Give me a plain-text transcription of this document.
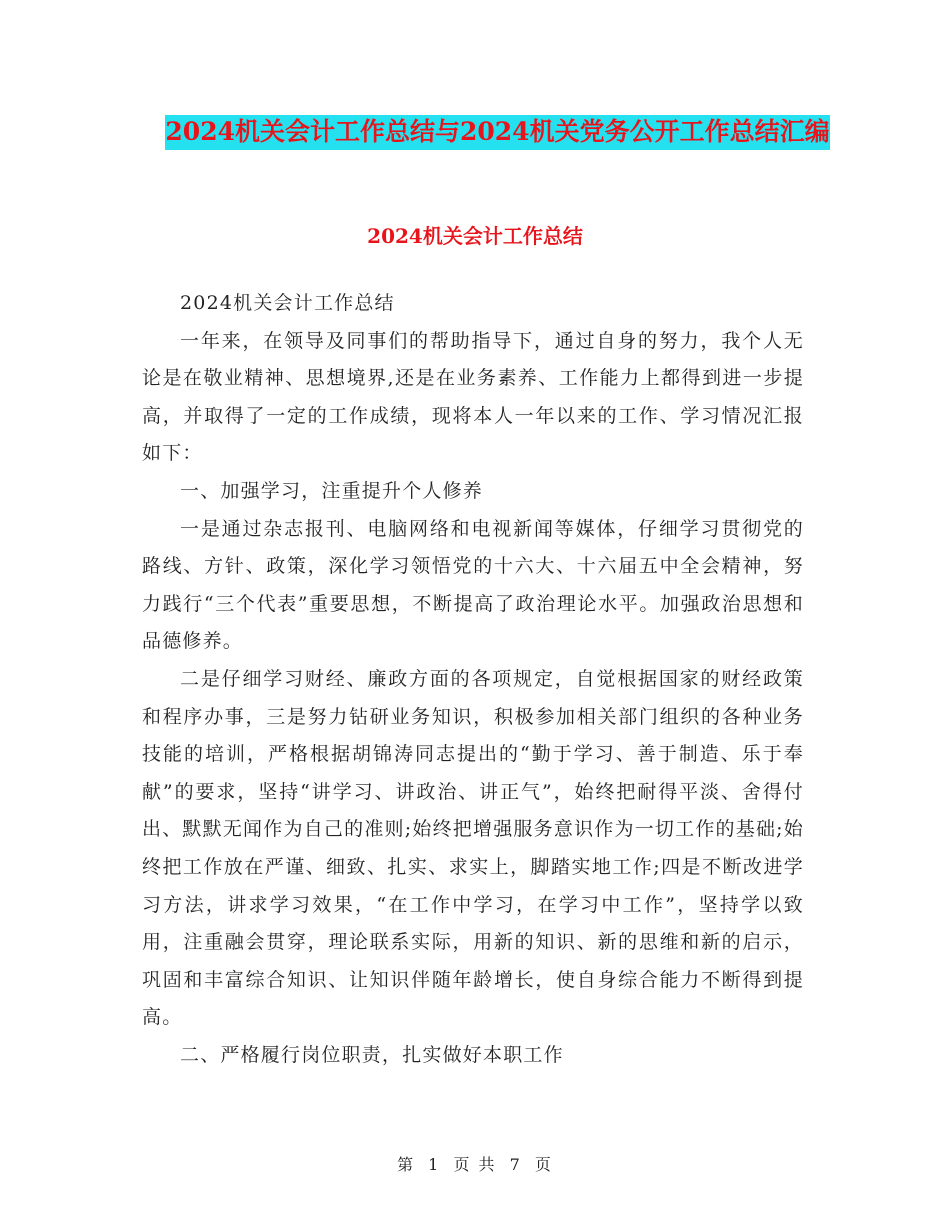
2024机关会计工作总结与2024机关党务公开工作总结汇编
2024机关会计工作总结

2024机关会计工作总结

一年来，在领导及同事们的帮助指导下，通过自身的努力，我个人无论是在敬业精神、思想境界,还是在业务素养、工作能力上都得到进一步提高，并取得了一定的工作成绩，现将本人一年以来的工作、学习情况汇报如下：

一、加强学习，注重提升个人修养

一是通过杂志报刊、电脑网络和电视新闻等媒体，仔细学习贯彻党的路线、方针、政策，深化学习领悟党的十六大、十六届五中全会精神，努力践行“三个代表”重要思想，不断提高了政治理论水平。加强政治思想和品德修养。

二是仔细学习财经、廉政方面的各项规定，自觉根据国家的财经政策和程序办事，三是努力钻研业务知识，积极参加相关部门组织的各种业务技能的培训，严格根据胡锦涛同志提出的“勤于学习、善于制造、乐于奉献”的要求，坚持“讲学习、讲政治、讲正气”，始终把耐得平淡、舍得付出、默默无闻作为自己的准则;始终把增强服务意识作为一切工作的基础;始终把工作放在严谨、细致、扎实、求实上，脚踏实地工作;四是不断改进学习方法，讲求学习效果，“在工作中学习，在学习中工作”，坚持学以致用，注重融会贯穿，理论联系实际，用新的知识、新的思维和新的启示，巩固和丰富综合知识、让知识伴随年龄增长，使自身综合能力不断得到提高。

二、严格履行岗位职责，扎实做好本职工作

第 1 页 共 7 页
